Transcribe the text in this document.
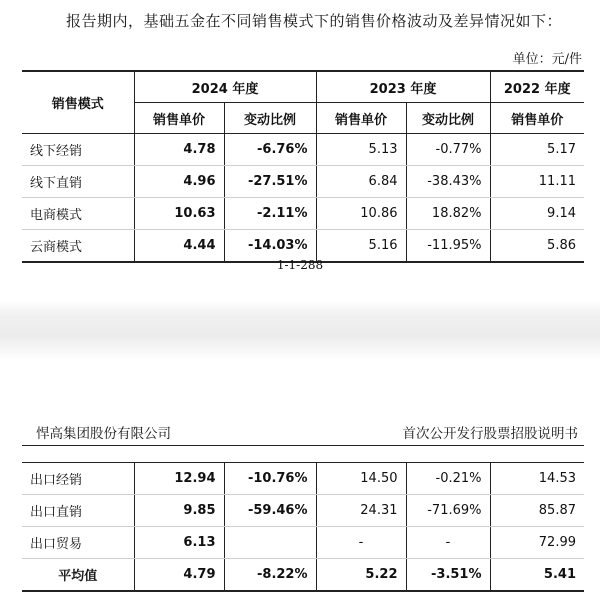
报告期内，基础五金在不同销售模式下的销售价格波动及差异情况如下：
单位：元/件
销售模式	2024 年度		2023 年度		2022 年度
	销售单价	变动比例	销售单价	变动比例	销售单价
线下经销	4.78	-6.76%	5.13	-0.77%	5.17
线下直销	4.96	-27.51%	6.84	-38.43%	11.11
电商模式	10.63	-2.11%	10.86	18.82%	9.14
云商模式	4.44	-14.03%	5.16	-11.95%	5.86
1-1-288
悍高集团股份有限公司	首次公开发行股票招股说明书
出口经销	12.94	-10.76%	14.50	-0.21%	14.53
出口直销	9.85	-59.46%	24.31	-71.69%	85.87
出口贸易	6.13		-	-	72.99
平均值	4.79	-8.22%	5.22	-3.51%	5.41
